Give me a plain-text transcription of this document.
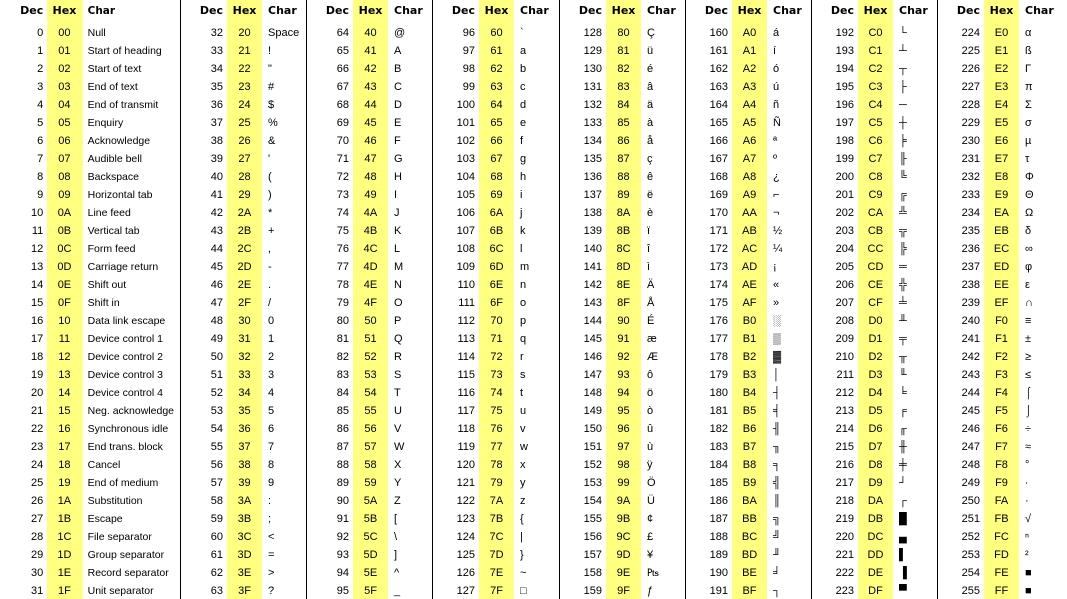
Dec Hex	Char
0	00	Null
1	01	Start of heading
2	02	Start of text
3	03	End of text
4	04	End of transmit
5	05	Enquiry
6	06	Acknowledge
7	07	Audible bell
8	08	Backspace
9	09	Horizontal tab
10	0A	Line feed
11	0B	Vertical tab
12	0C	Form feed
13	0D	Carriage return
14	0E	Shift out
15	0F	Shift in
16	10	Data link escape
17	11	Device control 1
18	12	Device control 2
19	13	Device control 3
20	14	Device control 4
21	15	Neg. acknowledge
22	16	Synchronous idle
23	17	End trans. block
24	18	Cancel
25	19	End of medium
26	1A	Substitution
27	1B	Escape
28	1C	File separator
29	1D	Group separator
30	1E	Record separator
31	1F	Unit separator
Dec Hex	Char
32	20	Space
33	21	!
34	22	"
35	23	#
36	24	$
37	25	%
38	26	&
39	27	'
40	28	(
41	29	)
42	2A	*
43	2B	+
44	2C	,
45	2D	-
46	2E	.
47	2F	/
48	30	0
49	31	1
50	32	2
51	33	3
52	34	4
53	35	5
54	36	6
55	37	7
56	38	8
57	39	9
58	3A	:
59	3B	;
60	3C	<
61	3D	=
62	3E	>
63	3F	?
Dec Hex	Char
64	40	@
65	41	A
66	42	B
67	43	C
68	44	D
69	45	E
70	46	F
71	47	G
72	48	H
73	49	I
74	4A	J
75	4B	K
76	4C	L
77	4D	M
78	4E	N
79	4F	O
80	50	P
81	51	Q
82	52	R
83	53	S
84	54	T
85	55	U
86	56	V
87	57	W
88	58	X
89	59	Y
90	5A	Z
91	5B	[
92	5C	\
93	5D	]
94	5E	^
95	5F	_
Dec Hex	Char
96	60	`
97	61	a
98	62	b
99	63	c
100	64	d
101	65	e
102	66	f
103	67	g
104	68	h
105	69	i
106	6A	j
107	6B	k
108	6C	l
109	6D	m
110	6E	n
111	6F	o
112	70	p
113	71	q
114	72	r
115	73	s
116	74	t
117	75	u
118	76	v
119	77	w
120	78	x
121	79	y
122	7A	z
123	7B	{
124	7C	|
125	7D	}
126	7E	~
127	7F	□
Dec Hex	Char
128	80	Ç
129	81	ü
130	82	é
131	83	â
132	84	ä
133	85	à
134	86	å
135	87	ç
136	88	ê
137	89	ë
138	8A	è
139	8B	ï
140	8C	î
141	8D	ì
142	8E	Ä
143	8F	Å
144	90	É
145	91	æ
146	92	Æ
147	93	ô
148	94	ö
149	95	ò
150	96	û
151	97	ù
152	98	ÿ
153	99	Ö
154	9A	Ü
155	9B	¢
156	9C	£
157	9D	¥
158	9E	₧
159	9F	ƒ
Dec Hex	Char
160	A0	á
161	A1	í
162	A2	ó
163	A3	ú
164	A4	ñ
165	A5	Ñ
166	A6	ª
167	A7	º
168	A8	¿
169	A9	⌐
170	AA	¬
171	AB	½
172	AC	¼
173	AD	¡
174	AE	«
175	AF	»
176	B0	░
177	B1	▒
178	B2	▓
179	B3	│
180	B4	┤
181	B5	╡
182	B6	╢
183	B7	╖
184	B8	╕
185	B9	╣
186	BA	║
187	BB	╗
188	BC	╝
189	BD	╜
190	BE	╛
191	BF	┐
Dec Hex	Char
192	C0	└
193	C1	┴
194	C2	┬
195	C3	├
196	C4	─
197	C5	┼
198	C6	╞
199	C7	╟
200	C8	╚
201	C9	╔
202	CA	╩
203	CB	╦
204	CC	╠
205	CD	═
206	CE	╬
207	CF	╧
208	D0	╨
209	D1	╤
210	D2	╥
211	D3	╙
212	D4	╘
213	D5	╒
214	D6	╓
215	D7	╫
216	D8	╪
217	D9	┘
218	DA	┌
219	DB	█
220	DC	▄
221	DD	▌
222	DE	▐
223	DF	▀
Dec Hex	Char
224	E0	α
225	E1	ß
226	E2	Γ
227	E3	π
228	E4	Σ
229	E5	σ
230	E6	µ
231	E7	τ
232	E8	Φ
233	E9	Θ
234	EA	Ω
235	EB	δ
236	EC	∞
237	ED	φ
238	EE	ε
239	EF	∩
240	F0	≡
241	F1	±
242	F2	≥
243	F3	≤
244	F4	⌠
245	F5	⌡
246	F6	÷
247	F7	≈
248	F8	°
249	F9	∙
250	FA	·
251	FB	√
252	FC	ⁿ
253	FD	²
254	FE	■
255	FF	■
